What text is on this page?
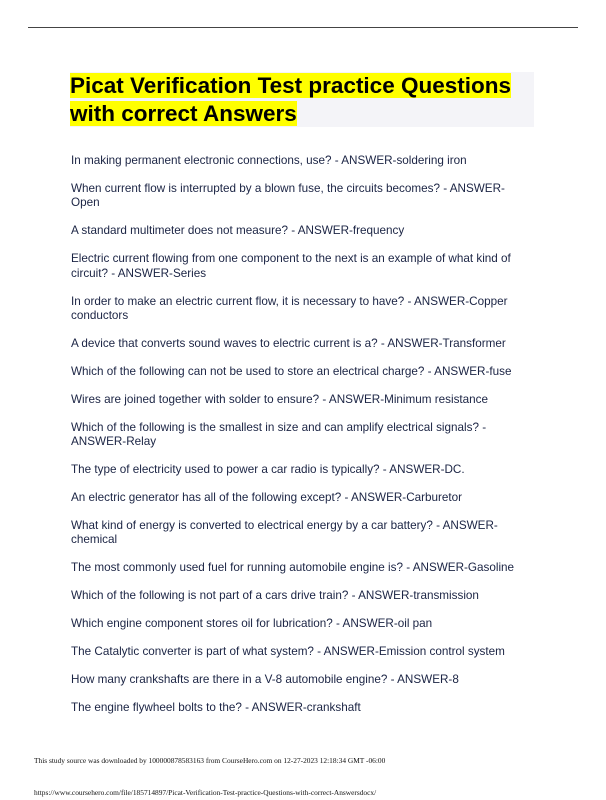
Picat Verification Test practice Questions with correct Answers
In making permanent electronic connections, use? - ANSWER-soldering iron
When current flow is interrupted by a blown fuse, the circuits becomes? - ANSWER-Open
A standard multimeter does not measure? - ANSWER-frequency
Electric current flowing from one component to the next is an example of what kind of circuit? - ANSWER-Series
In order to make an electric current flow, it is necessary to have? - ANSWER-Copper conductors
A device that converts sound waves to electric current is a? - ANSWER-Transformer
Which of the following can not be used to store an electrical charge? - ANSWER-fuse
Wires are joined together with solder to ensure? - ANSWER-Minimum resistance
Which of the following is the smallest in size and can amplify electrical signals? - ANSWER-Relay
The type of electricity used to power a car radio is typically? - ANSWER-DC.
An electric generator has all of the following except? - ANSWER-Carburetor
What kind of energy is converted to electrical energy by a car battery? - ANSWER-chemical
The most commonly used fuel for running automobile engine is? - ANSWER-Gasoline
Which of the following is not part of a cars drive train? - ANSWER-transmission
Which engine component stores oil for lubrication? - ANSWER-oil pan
The Catalytic converter is part of what system? - ANSWER-Emission control system
How many crankshafts are there in a V-8 automobile engine? - ANSWER-8
The engine flywheel bolts to the? - ANSWER-crankshaft
This study source was downloaded by 100000878583163 from CourseHero.com on 12-27-2023 12:18:34 GMT -06:00
https://www.coursehero.com/file/185714897/Picat-Verification-Test-practice-Questions-with-correct-Answersdocx/
